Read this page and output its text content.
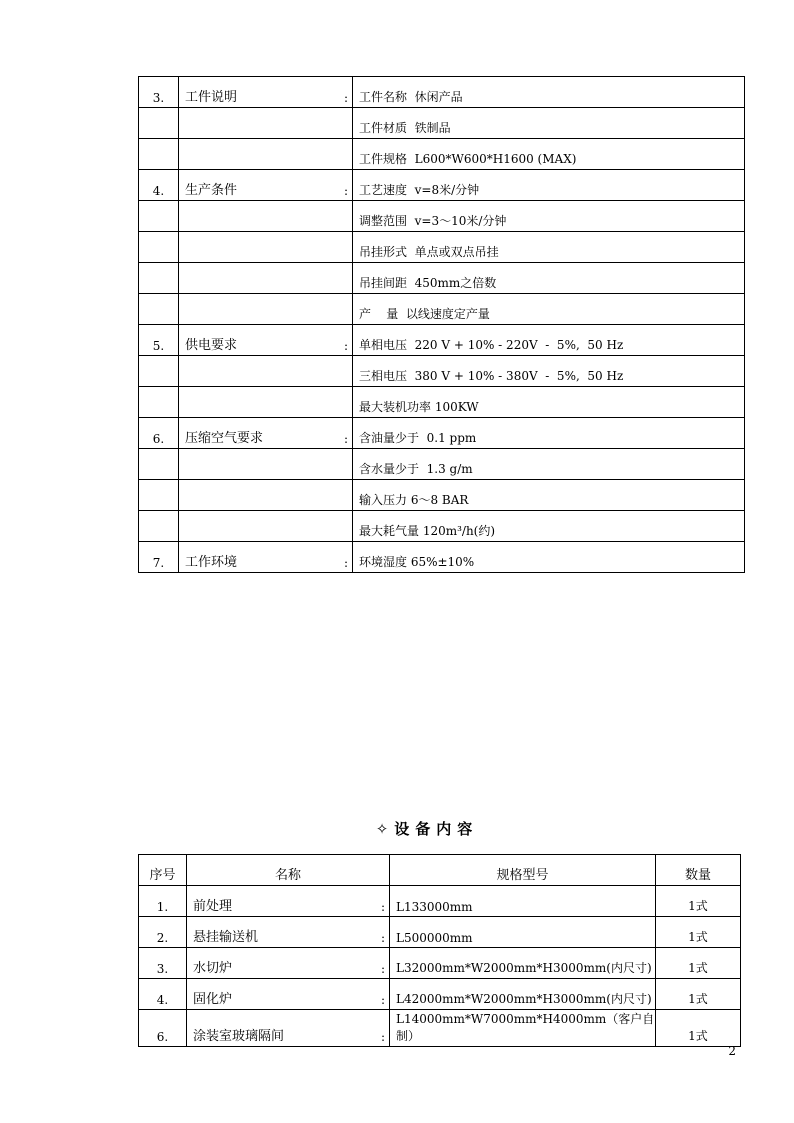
3.	工件说明 :	工件名称  休闲产品

	工件材质  铁制品

	工件规格  L600*W600*H1600 (MAX)
4.	生产条件 :	工艺速度  v=8米/分钟

	调整范围  v=3～10米/分钟

	吊挂形式  单点或双点吊挂

	吊挂间距  450mm之倍数

	产    量  以线速度定产量
5.	供电要求 :	单相电压  220 V + 10% - 220V  -  5%,  50 Hz

	三相电压  380 V + 10% - 380V  -  5%,  50 Hz

	最大装机功率 100KW
6.	压缩空气要求 :	含油量少于  0.1 ppm

	含水量少于  1.3 g/m

	输入压力 6～8 BAR

	最大耗气量 120m³/h(约)
7.	工作环境 :	环境湿度 65%±10%
✧设备内容
序号	名称	规格型号	数量
1.	前处理 :	L133000mm	1式
2.	悬挂输送机 :	L500000mm	1式
3.	水切炉 :	L32000mm*W2000mm*H3000mm(内尺寸)	1式
4.	固化炉 :	L42000mm*W2000mm*H3000mm(内尺寸)	1式
6.	涂装室玻璃隔间 :	L14000mm*W7000mm*H4000mm（客户自制）	1式
2
